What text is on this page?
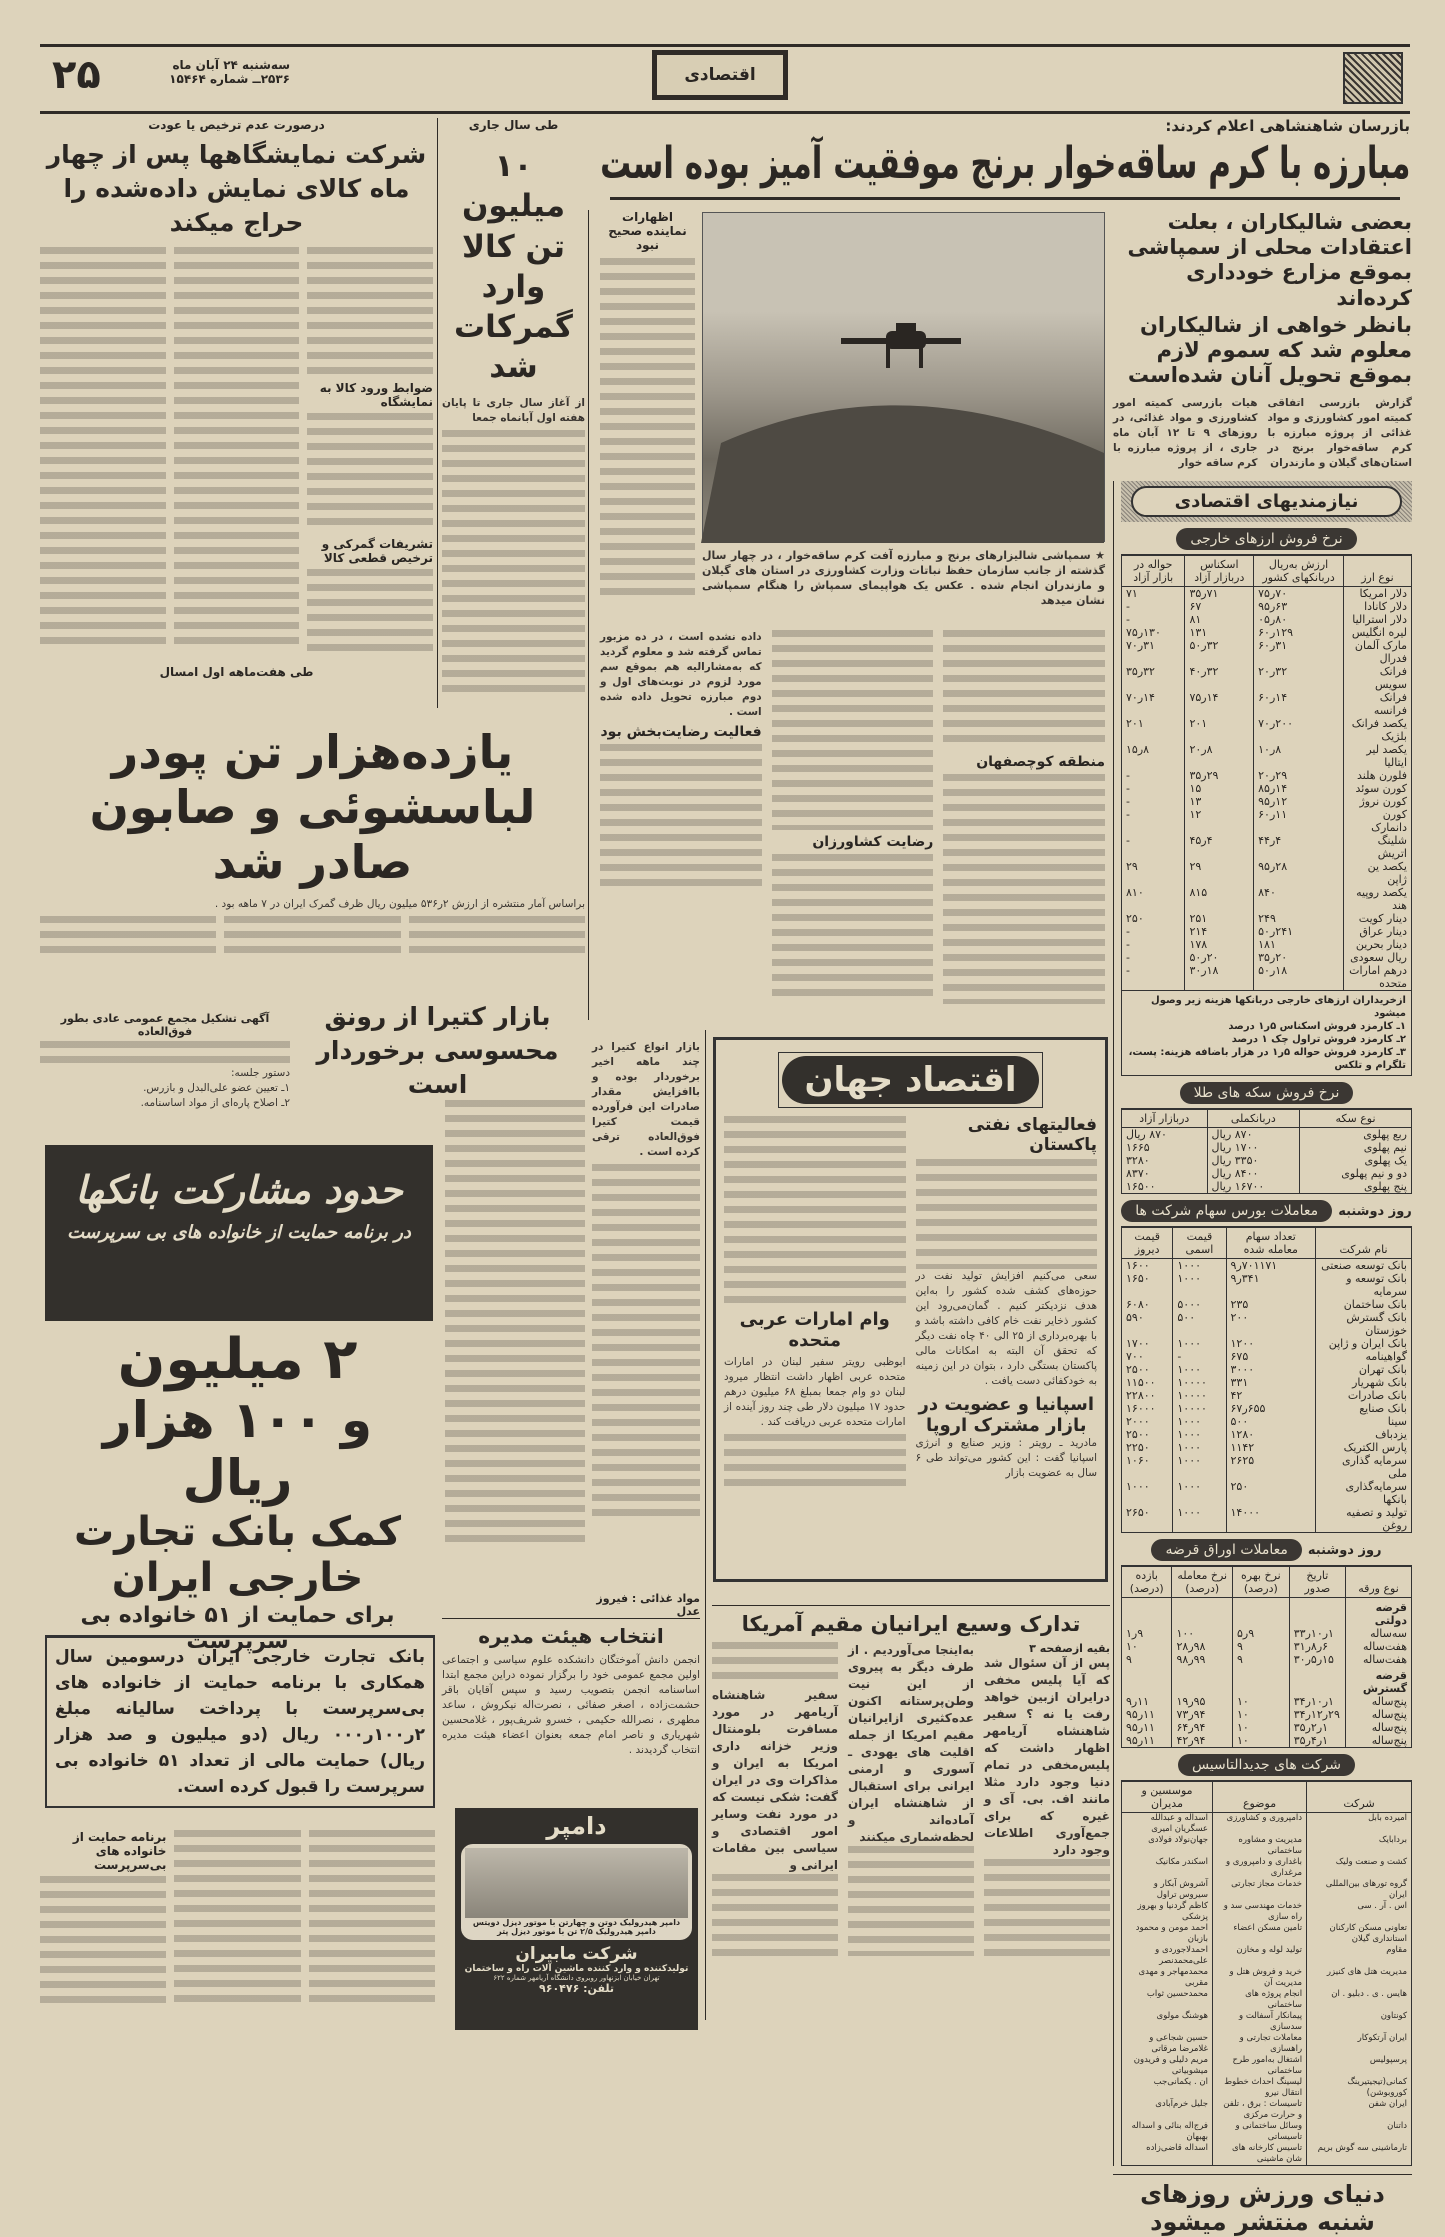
اقتصادی
۲۵	سه‌شنبه ۲۴ آبان ماه
۲۵۳۶ــ شماره ۱۵۴۶۴
بازرسان شاهنشاهی اعلام کردند:
مبارزه با کرم ساقه‌خوار برنج موفقیت آمیز بوده است
اظهارات نماینده صحیح نبود
★ سمپاشی شالیزارهای برنج و مبارزه آفت کرم ساقه‌خوار ، در چهار سال گذشته از جانب سازمان حفظ نباتات وزارت کشاورزی در استان های گیلان و مازندران انجام شده . عکس یک هواپیمای سمپاش را هنگام سمپاشی نشان میدهد
منطقه کوچصفهان
رضایت کشاورزان
داده نشده است ، در ده مزبور تماس گرفته شد و معلوم گردید که به‌مشارالیه هم بموقع سم مورد لزوم در نوبت‌های اول و دوم مبارزه تحویل داده شده است .
فعالیت رضایت‌بخش بود
مواد غذائی : فیروز عدل
طی سال جاری
۱۰ میلیون تن کالا وارد گمرکات شد
از آغاز سال جاری تا پایان هفته اول آبانماه جمعا
درصورت عدم ترخیص یا عودت
شرکت نمایشگاهها پس از چهار ماه کالای نمایش داده‌شده را حراج میکند
ضوابط ورود کالا به نمایشگاه
تشریفات گمرکی و ترخیص قطعی کالا
طی هفت‌ماهه اول امسال
یازده‌هزار تن پودر لباسشوئی و صابون صادر شد
براساس آمار منتشره از ارزش ۲ر۵۳۶ میلیون ریال ظرف گمرک ایران در ۷ ماهه بود .
آگهی تشکیل مجمع عمومی عادی بطور فوق‌العاده
دستور جلسه:
۱ـ تعیین عضو علی‌البدل و بازرس.
۲ـ اصلاح پاره‌ای از مواد اساسنامه.
بازار کتیرا از رونق محسوسی برخوردار است
بازار انواع کتیرا در چند ماهه اخیر برخوردار بوده و باافزایش مقدار صادرات این فرآورده قیمت کتیرا فوق‌العاده ترقی کرده است .
حدود مشارکت بانکها
در برنامه حمایت از خانواده های بی سرپرست
۲ میلیون
و ۱۰۰ هزار ریال
کمک بانک تجارت
خارجی ایران
برای حمایت از ۵۱ خانواده بی سرپرست
بانک تجارت خارجی ایران درسومین سال همکاری با برنامه حمایت از خانواده های بی‌سرپرست با پرداخت سالیانه مبلغ ۲ر۱۰۰ر۰۰۰ ریال (دو میلیون و صد هزار ریال) حمایت مالی از تعداد ۵۱ خانواده بی سرپرست را قبول کرده است.
برنامه حمایت از خانواده های بی‌سرپرست
انتخاب هیئت مدیره
انجمن دانش آموختگان دانشکده علوم سیاسی و اجتماعی اولین مجمع عمومی خود را برگزار نموده دراین مجمع ابتدا اساسنامه انجمن بتصویب رسید و سپس آقایان باقر حشمت‌زاده ، اصغر صفائی ، نصرت‌اله نیکروش ، ساعد مطهری ، نصرالله حکیمی ، خسرو شریف‌پور ، غلامحسین شهریاری و ناصر امام جمعه بعنوان اعضاء هیئت مدیره انتخاب گردیدند .
دامپر
دامپر هیدرولیک دوتن و چهارتن با موتور دیزل دویتس
دامپر هیدرولیک ۲/۵ تن با موتور دیزل پتر
شرکت مابیران
تولیدکننده و وارد کننده ماشین آلات راه و ساختمان
تهران خیابان ابزنهاور روبروی دانشگاه آریامهر شماره ۶۲۲
تلفن: ۹۶۰۴۷۶
اقتصاد جهان
فعالیتهای نفتی پاکستان
سعی می‌کنیم افزایش تولید نفت در حوزه‌های کشف شده کشور را به‌این هدف نزدیکتر کنیم . گمان‌می‌رود این کشور ذخایر نفت خام کافی داشته باشد و با بهره‌برداری از ۲۵ الی ۴۰ چاه نفت دیگر که تحقق آن البته به امکانات مالی پاکستان بستگی دارد ، بتوان در این زمینه به خودکفائی دست یافت .
اسپانیا و عضویت در بازار مشترک اروپا
مادرید ـ رویتر : وزیر صنایع و انرژی اسپانیا گفت : این کشور می‌تواند طی ۶ سال به عضویت بازار
وام امارات عربی متحده
ابوظبی رویتر سفیر لبنان در امارات متحده عربی اظهار داشت انتظار میرود لبنان دو وام جمعا بمبلغ ۶۸ میلیون درهم حدود ۱۷ میلیون دلار طی چند روز آینده از امارات متحده عربی دریافت کند .
تدارک وسیع ایرانیان مقیم آمریکا
بقیه ازصفحه ۳
پس از آن سئوال شد که آیا پلیس مخفی درایران ازبین خواهد رفت یا نه ؟ سفیر شاهنشاه آریامهر اظهار داشت که پلیس‌مخفی در تمام دنیا وجود دارد مثلا مانند اف. بی. آی و غیره که برای جمع‌آوری اطلاعات وجود دارد
به‌اینجا می‌آوردیم . از طرف دیگر به پیروی از این نیت وطن‌پرستانه اکنون عده‌کثیری ازایرانیان مقیم امریکا از جمله اقلیت های یهودی ـ آسوری و ارمنی ایرانی برای استقبال از شاهنشاه ایران آماده‌اند و لحظه‌شماری میکنند
سفیر شاهنشاه آریامهر در مورد مسافرت بلومنتال وزیر خزانه داری امریکا به ایران و مذاکرات وی در ایران گفت: شکی نیست که در مورد نفت وسایر امور اقتصادی و سیاسی بین مقامات ایرانی و
بعضی شالیکاران ، بعلت اعتقادات محلی از سمپاشی بموقع مزارع خودداری کرده‌اند
بانظر خواهی از شالیکاران معلوم شد که سموم لازم بموقع تحویل آنان شده‌است
گزارش بازرسی اتفاقی کمیته امور کشاورزی و مواد غذائی از پروژه مبارزه با کرم ساقه‌خوار برنج در استان‌های گیلان و مازندران
هیات بازرسی کمیته امور کشاورزی و مواد غذائی، در روزهای ۹ تا ۱۲ آبان ماه جاری ، از پروژه مبارزه با کرم ساقه خوار
نیازمندیهای اقتصادی
نرخ فروش ارزهای خارجی
نوع ارز	ارزش به‌ریال دربانکهای کشور	اسکناس دربازار آزاد	حواله در بازار آزاد
دلار امریکا	۷۰ر۷۵	۷۱ر۳۵	۷۱
دلار کانادا	۶۳ر۹۵	۶۷	-
دلار استرالیا	۸۰ر۰۵	۸۱	-
لیره انگلیس	۱۲۹ر۶۰	۱۳۱	۱۳۰ر۷۵
مارک آلمان فدرال	۳۱ر۶۰	۳۲ر۵۰	۳۱ر۷۰
فرانک سویس	۳۲ر۲۰	۳۲ر۴۰	۳۲ر۳۵
فرانک فرانسه	۱۴ر۶۰	۱۴ر۷۵	۱۴ر۷۰
یکصد فرانک بلژیک	۲۰۰ر۷۰	۲۰۱	۲۰۱
یکصد لیر ایتالیا	۸ر۱۰	۸ر۲۰	۸ر۱۵
فلورن هلند	۲۹ر۲۰	۲۹ر۳۵	-
کورن سوئد	۱۴ر۸۵	۱۵	-
کورن نروژ	۱۲ر۹۵	۱۳	-
کورن دانمارک	۱۱ر۶۰	۱۲	-
شلینگ اتریش	۴ر۴۴	۴ر۴۵	-
یکصد ین ژاپن	۲۸ر۹۵	۲۹	۲۹
یکصد روپیه هند	۸۴۰	۸۱۵	۸۱۰
دینار کویت	۲۴۹	۲۵۱	۲۵۰
دینار عراق	۲۴۱ر۵۰	۲۱۴	-
دینار بحرین	۱۸۱	۱۷۸	-
ریال سعودی	۲۰ر۳۵	۲۰ر۵۰	-
درهم امارات متحده	۱۸ر۵۰	۱۸ر۳۰	-
ازخریداران ارزهای خارجی دربانکها هزینه زیر وصول میشود
۱ـ کارمزد فروش اسکناس ۵ر۱ درصد
۲ـ کارمزد فروش تراول چک ۱ درصد
۳ـ کارمزد فروش حواله ۵ر۱ در هزار باضافه هزینه: پست، تلگرام و تلکس
نرخ فروش سکه های طلا
نوع سکه	دربانکملی	دربازار آزاد
ربع پهلوی	۸۷۰ ریال	۸۷۰ ریال
نیم پهلوی	۱۷۰۰ ریال	۱۶۶۵
یک پهلوی	۳۳۵۰ ریال	۳۲۸۰
دو و نیم پهلوی	۸۴۰۰ ریال	۸۳۷۰
پنج پهلوی	۱۶۷۰۰ ریال	۱۶۵۰۰
روز دوشنبه
معاملات بورس سهام شرکت ها
نام شرکت	تعداد سهام معامله شده	قیمت اسمی	قیمت دیروز
بانک توسعه صنعتی	۷۰۱۱۷۱ر۹	۱۰۰۰	۱۶۰۰
بانک توسعه و سرمایه	۳۴۱ر۹	۱۰۰۰	۱۶۵۰
بانک ساختمان	۲۳۵	۵۰۰۰	۶۰۸۰
بانک گسترش خوزستان	۲۰۰	۵۰۰	۵۹۰
بانک ایران و ژاپن	۱۲۰۰	۱۰۰۰	۱۷۰۰
گواهینامه	۶۷۵	-	۷۰۰
بانک تهران	۳۰۰۰	۱۰۰۰	۲۵۰۰
بانک شهریار	۳۳۱	۱۰۰۰۰	۱۱۵۰۰
بانک صادرات	۴۲	۱۰۰۰۰	۲۲۸۰۰
بانک صنایع	۶۵۵ر۶۷	۱۰۰۰۰	۱۶۰۰۰
سینا	۵۰۰	۱۰۰۰	۲۰۰۰
یزدباف	۱۲۸۰	۱۰۰۰	۲۵۰۰
پارس الکتریک	۱۱۴۲	۱۰۰۰	۲۲۵۰
سرمایه گذاری ملی	۲۶۲۵	۱۰۰۰	۱۰۶۰
سرمایه‌گذاری بانکها	۲۵۰	۱۰۰۰	۱۰۰۰
تولید و تصفیه روغن	۱۴۰۰۰	۱۰۰۰	۲۶۵۰
روز دوشنبه
معاملات اوراق قرضه
نوع ورقه	تاریخ صدور	نرخ بهره (درصد)	نرخ معامله (درصد)	بازده (درصد)
قرضه دولتی				
سه‌ساله	۱ر۱۰ر۳۳	۹ر۵	۱۰۰	۹ر۱
هفت‌ساله	۶ر۸ر۳۱	۹	۹۸ر۲۸	۱۰
هفت‌ساله	۱۵ر۵ر۳۰	۹	۹۹ر۹۸	۹
قرضه گسترش				
پنج‌ساله	۱ر۱۰ر۳۴	۱۰	۹۵ر۱۹	۱۱ر۹
پنج‌ساله	۲۹ر۱۲ر۳۴	۱۰	۹۴ر۷۳	۱۱ر۹۵
پنج‌ساله	۱ر۲ر۳۵	۱۰	۹۴ر۶۴	۱۱ر۹۵
پنج‌ساله	۱ر۴ر۳۵	۱۰	۹۴ر۴۲	۱۱ر۹۵
شرکت های جدیدالتاسیس
شرکت	موضوع	موسسین و مدیران
امیرده بابل	دامپروری و کشاورزی	اسداله و عبدالله عسگریان امیری
بردابایک	مدیریت و مشاوره ساختمانی	جهان‌نولاد فولادی
کشت و صنعت ولیک	باغداری و دامپروری و مرغداری	اسکندر مکانیک
گروه تورهای بین‌المللی ایران	خدمات مجاز تجارتی	آشروش آبکار و سیروس تراول
اس . آر . سی	خدمات مهندسی سد و راه سازی	کاظم گردنیا و بهروز پزشکی
تعاونی مسکن کارکنان استانداری گیلان	تامین مسکن اعضاء	احمد مومن و محمود بازبان
مقاوم	تولید لوله و مخازن	احمدلاجوردی و علی‌محمدنصر
مدیریت هتل های کنیزر	خرید و فروش هتل و مدیریت آن	محمدمهاجر و مهدی مقربی
هایس . ی . دبلیو . ان	انجام پروژه های ساختمانی	محمدحسین ثواب
کونتاون	پیمانکار آسفالت و سدسازی	هوشنگ مولوی
ایران آرتکوکار	معاملات تجارتی و راهسازی	حسین شجاعی و غلامرضا مرقاتی
پرسپولیس	اشتغال به‌امور طرح ساختمانی	مریم دلیلی و فریدون میشوبیاتی
کمانی(تیجیتیرینگ کوروبوشن)	لیسینگ احداث خطوط انتقال نیرو	ان . یکمانی‌جب
ایران شفن	تاسیسات : برق ، تلفن و حرارت مرکزی	جلیل خرم‌آبادی
داتنان	وسائل ساختمانی و تاسیساتی	فرج‌اله بنائی و اسداله بهبهان
تارماشینی سه گوش بریم	تاسیس کارخانه های شان ماشینی	اسداله قاضی‌زاده
دنیای ورزش روزهای
شنبه منتشر میشود
